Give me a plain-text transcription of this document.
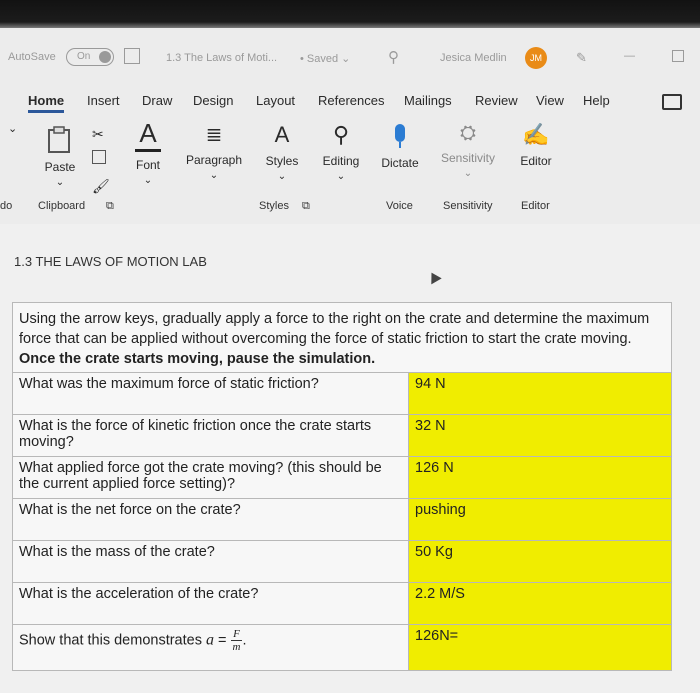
AutoSave	On	1.3 The Laws of Moti... • Saved ⌄	⚲	Jesica Medlin	JM	✎	—
Home Insert Draw Design Layout References Mailings Review View Help
⌄
do
Paste
⌄
✂
🖌
Clipboard ⧉
A
Font
⌄
≣
Paragraph
⌄
A
Styles
⌄
Styles ⧉
⚲
Editing
⌄
Dictate
Voice
⛭
Sensitivity
⌄
Sensitivity
✍
Editor
Editor
1.3 THE LAWS OF MOTION LAB
Using the arrow keys, gradually apply a force to the right on the crate and determine the maximum force that can be applied without overcoming the force of static friction to start the crate moving. Once the crate starts moving, pause the simulation.	
What was the maximum force of static friction?	94 N
What is the force of kinetic friction once the crate starts moving?	32 N
What applied force got the crate moving? (this should be the current applied force setting)?	126 N
What is the net force on the crate?	pushing
What is the mass of the crate?	50 Kg
What is the acceleration of the crate?	2.2 M/S
Show that this demonstrates $a = \frac{F}{m}$ .	126N=
